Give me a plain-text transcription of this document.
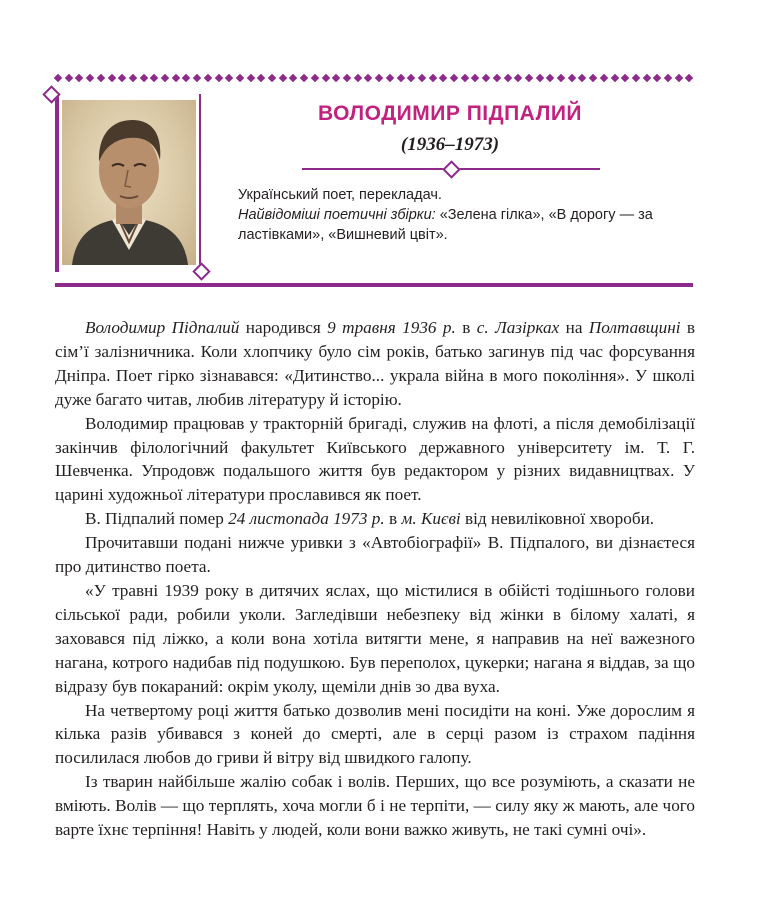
ВОЛОДИМИР ПІДПАЛИЙ
(1936–1973)
Український поет, перекладач.
Найвідоміші поетичні збірки: «Зелена гілка», «В дорогу — за ластівками», «Вишневий цвіт».

Володимир Підпалий народився 9 травня 1936 р. в с. Лазірках на Полтавщині в сім’ї залізничника. Коли хлопчику було сім років, батько загинув під час форсування Дніпра. Поет гірко зізнавався: «Дитинство... украла війна в мого покоління». У школі дуже багато читав, любив літературу й історію.

Володимир працював у тракторній бригаді, служив на флоті, а після демобілізації закінчив філологічний факультет Київського державного університету ім. Т. Г. Шевченка. Упродовж подальшого життя був редактором у різних видавництвах. У царині художньої літератури прославився як поет.

В. Підпалий помер 24 листопада 1973 р. в м. Києві від невиліковної хвороби.

Прочитавши подані нижче уривки з «Автобіографії» В. Підпалого, ви дізнаєтеся про дитинство поета.

«У травні 1939 року в дитячих яслах, що містилися в обійсті тодішнього голови сільської ради, робили уколи. Загледівши небезпеку від жінки в білому халаті, я заховався під ліжко, а коли вона хотіла витягти мене, я направив на неї важезного нагана, котрого надибав під подушкою. Був переполох, цукерки; нагана я віддав, за що відразу був покараний: окрім уколу, щеміли днів зо два вуха.

На четвертому році життя батько дозволив мені посидіти на коні. Уже дорослим я кілька разів убивався з коней до смерті, але в серці разом із страхом падіння посилилася любов до гриви й вітру від швидкого галопу.

Із тварин найбільше жалію собак і волів. Перших, що все розуміють, а сказати не вміють. Волів — що терплять, хоча могли б і не терпіти, — силу яку ж мають, але чого варте їхнє терпіння! Навіть у людей, коли вони важко живуть, не такі сумні очі».
